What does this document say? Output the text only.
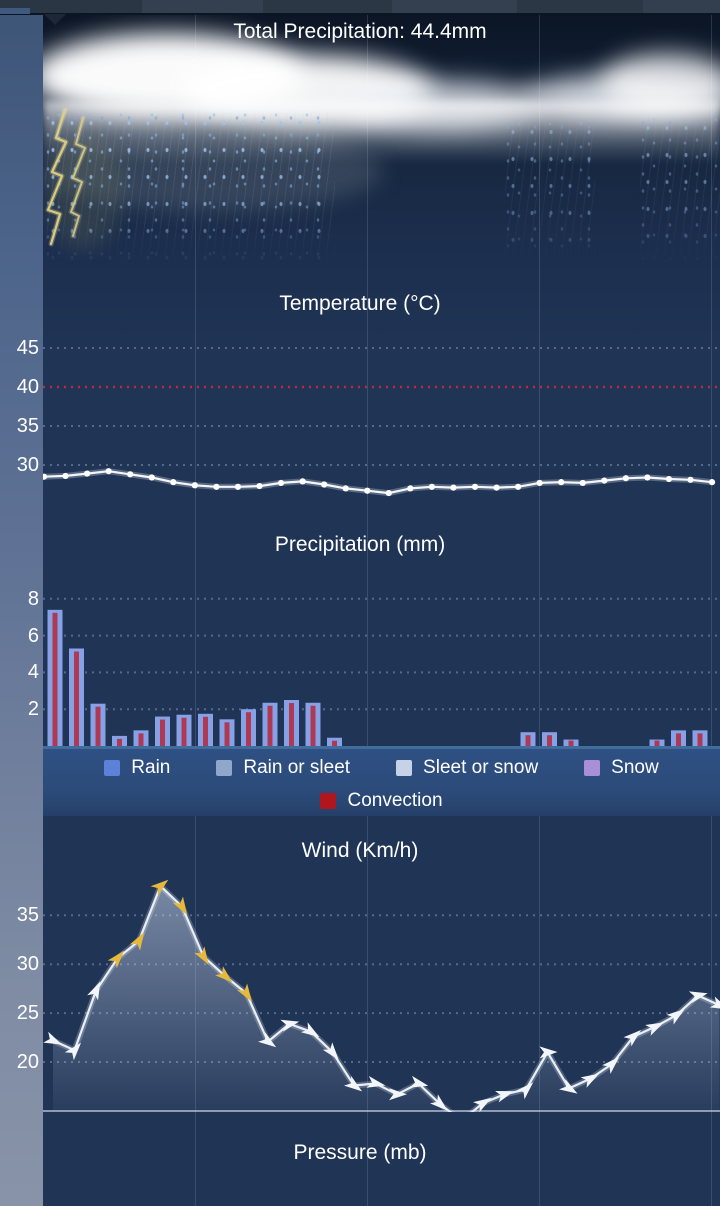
Total Precipitation: 44.4mm
Temperature (°C)
Precipitation (mm)
Wind (Km/h)
Pressure (mb)
Rain	Rain or sleet	Sleet or snow	Snow
Convection
45
40
35
30
8
6
4
2
35
30
25
20
